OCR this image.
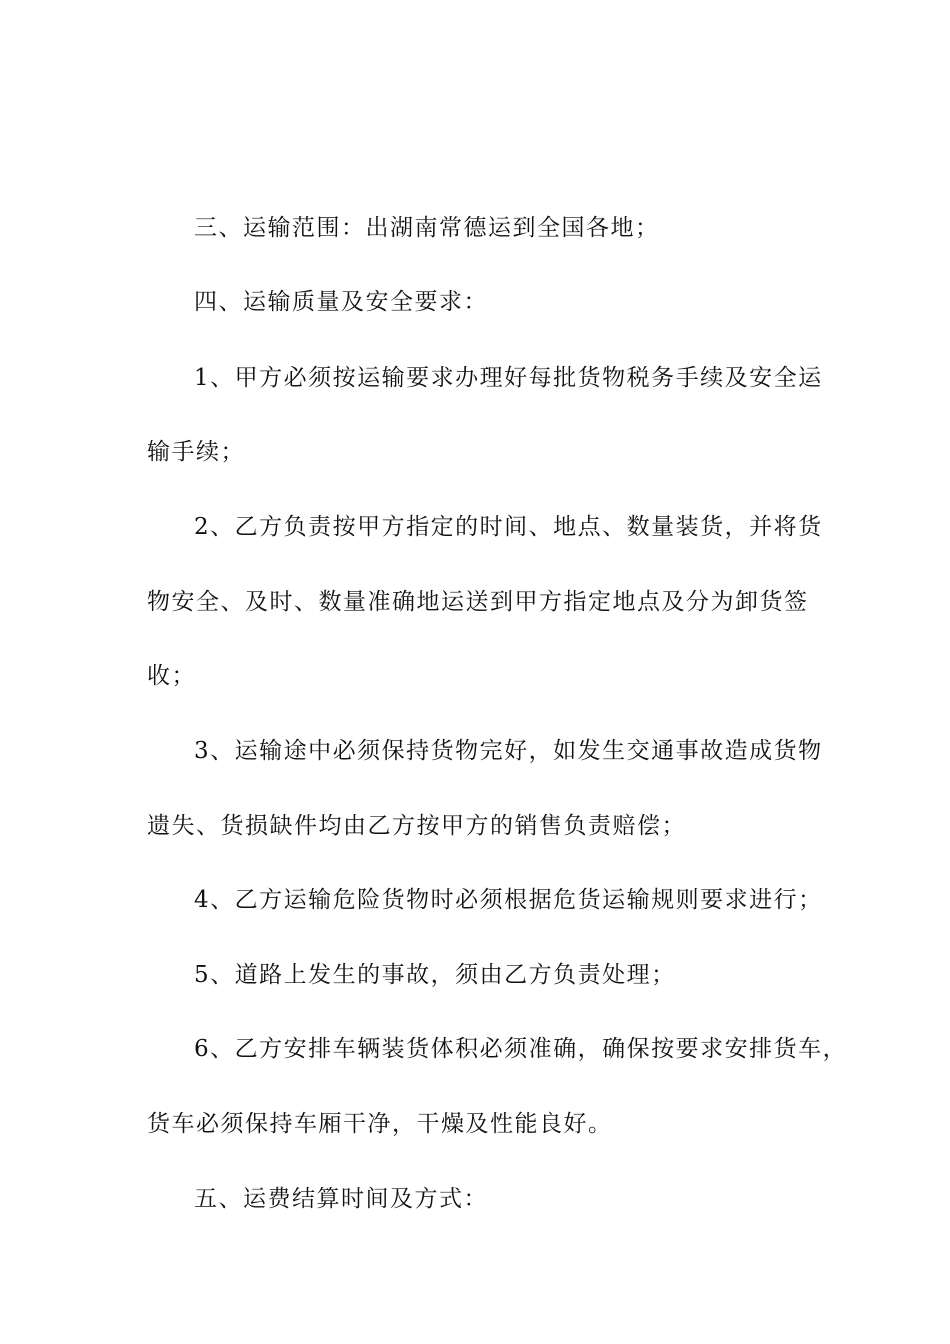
三、运输范围：出湖南常德运到全国各地；
四、运输质量及安全要求：
1、甲方必须按运输要求办理好每批货物税务手续及安全运
输手续；
2、乙方负责按甲方指定的时间、地点、数量装货，并将货
物安全、及时、数量准确地运送到甲方指定地点及分为卸货签
收；
3、运输途中必须保持货物完好，如发生交通事故造成货物
遗失、货损缺件均由乙方按甲方的销售负责赔偿；
4、乙方运输危险货物时必须根据危货运输规则要求进行；
5、道路上发生的事故，须由乙方负责处理；
6、乙方安排车辆装货体积必须准确，确保按要求安排货车，
货车必须保持车厢干净，干燥及性能良好。
五、运费结算时间及方式：
